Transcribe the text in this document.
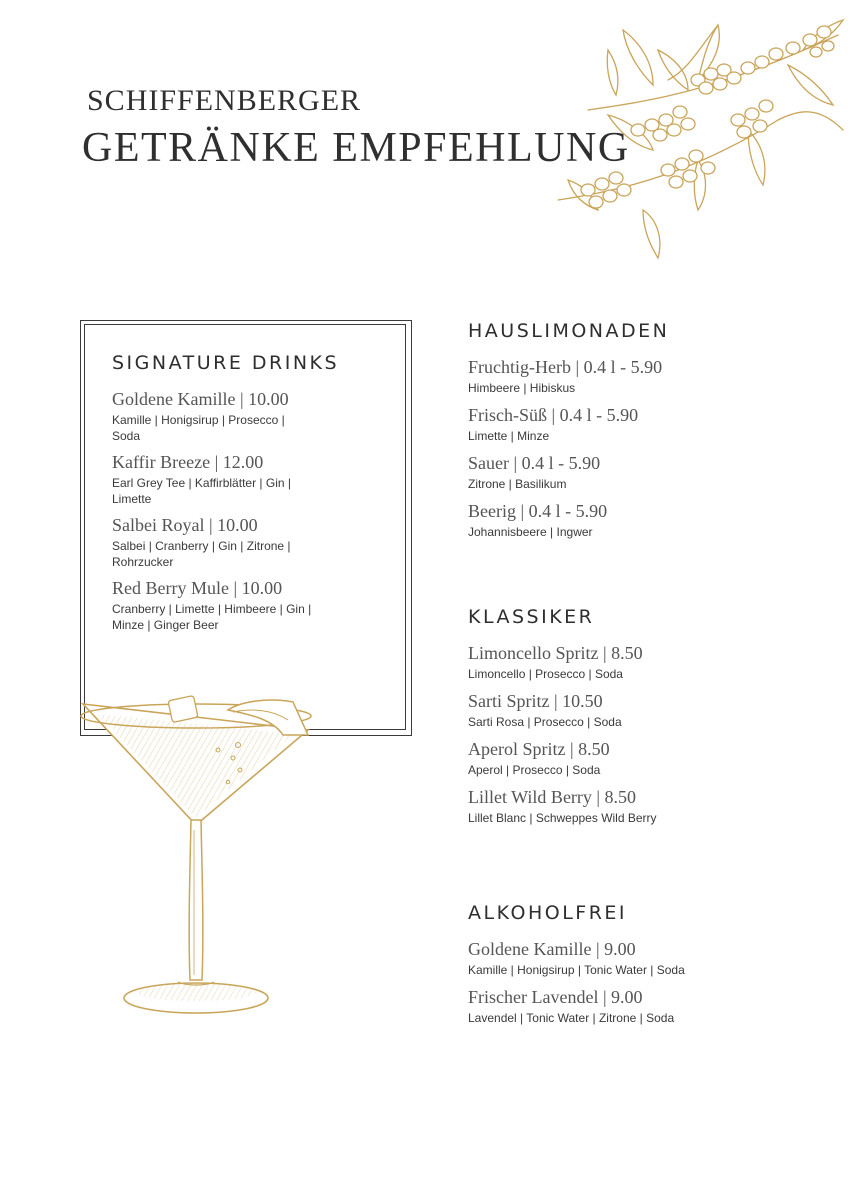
SCHIFFENBERGER
GETRÄNKE EMPFEHLUNG
SIGNATURE DRINKS
Goldene Kamille | 10.00
Kamille | Honigsirup | Prosecco | Soda
Kaffir Breeze | 12.00
Earl Grey Tee | Kaffirblätter | Gin | Limette
Salbei Royal | 10.00
Salbei | Cranberry | Gin | Zitrone | Rohrzucker
Red Berry Mule | 10.00
Cranberry | Limette | Himbeere | Gin | Minze | Ginger Beer
HAUSLIMONADEN
Fruchtig-Herb | 0.4 l - 5.90
Himbeere | Hibiskus
Frisch-Süß | 0.4 l - 5.90
Limette | Minze
Sauer | 0.4 l - 5.90
Zitrone | Basilikum
Beerig | 0.4 l - 5.90
Johannisbeere | Ingwer
KLASSIKER
Limoncello Spritz | 8.50
Limoncello | Prosecco | Soda
Sarti Spritz | 10.50
Sarti Rosa | Prosecco | Soda
Aperol Spritz | 8.50
Aperol | Prosecco | Soda
Lillet Wild Berry | 8.50
Lillet Blanc | Schweppes Wild Berry
ALKOHOLFREI
Goldene Kamille | 9.00
Kamille | Honigsirup | Tonic Water | Soda
Frischer Lavendel | 9.00
Lavendel | Tonic Water | Zitrone | Soda
